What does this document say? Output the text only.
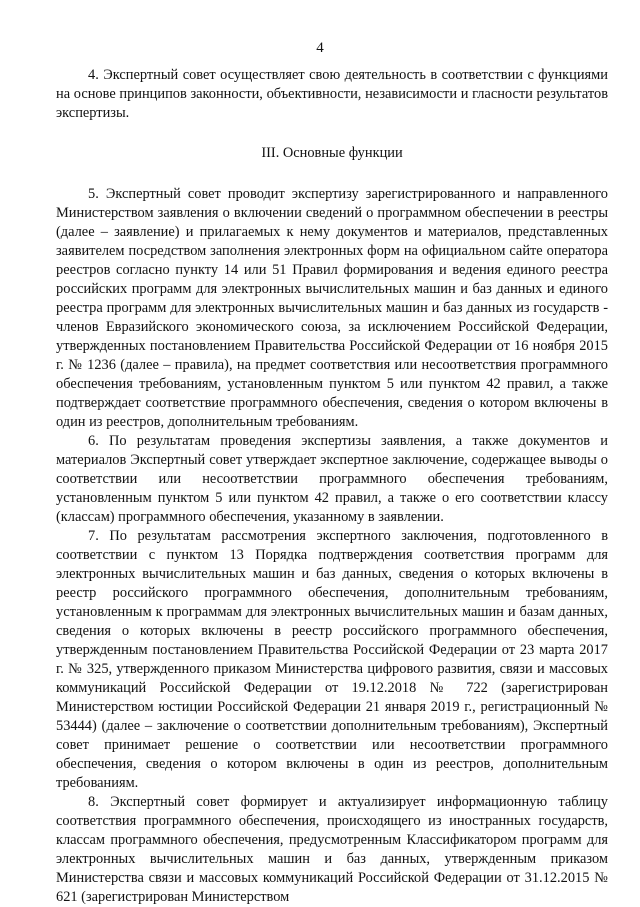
4

4. Экспертный совет осуществляет свою деятельность в соответствии с функциями на основе принципов законности, объективности, независимости и гласности результатов экспертизы.

III. Основные функции

5. Экспертный совет проводит экспертизу зарегистрированного и направленного Министерством заявления о включении сведений о программном обеспечении в реестры (далее – заявление) и прилагаемых к нему документов и материалов, представленных заявителем посредством заполнения электронных форм на официальном сайте оператора реестров согласно пункту 14 или 51 Правил формирования и ведения единого реестра российских программ для электронных вычислительных машин и баз данных и единого реестра программ для электронных вычислительных машин и баз данных из государств - членов Евразийского экономического союза, за исключением Российской Федерации, утвержденных постановлением Правительства Российской Федерации от 16 ноября 2015 г. № 1236 (далее – правила), на предмет соответствия или несоответствия программного обеспечения требованиям, установленным пунктом 5 или пунктом 42 правил, а также подтверждает соответствие программного обеспечения, сведения о котором включены в один из реестров, дополнительным требованиям.

6. По результатам проведения экспертизы заявления, а также документов и материалов Экспертный совет утверждает экспертное заключение, содержащее выводы о соответствии или несоответствии программного обеспечения требованиям, установленным пунктом 5 или пунктом 42 правил, а также о его соответствии классу (классам) программного обеспечения, указанному в заявлении.

7. По результатам рассмотрения экспертного заключения, подготовленного в соответствии с пунктом 13 Порядка подтверждения соответствия программ для электронных вычислительных машин и баз данных, сведения о которых включены в реестр российского программного обеспечения, дополнительным требованиям, установленным к программам для электронных вычислительных машин и базам данных, сведения о которых включены в реестр российского программного обеспечения, утвержденным постановлением Правительства Российской Федерации от 23 марта 2017 г. № 325, утвержденного приказом Министерства цифрового развития, связи и массовых коммуникаций Российской Федерации от 19.12.2018 № 722 (зарегистрирован Министерством юстиции Российской Федерации 21 января 2019 г., регистрационный № 53444) (далее – заключение о соответствии дополнительным требованиям), Экспертный совет принимает решение о соответствии или несоответствии программного обеспечения, сведения о котором включены в один из реестров, дополнительным требованиям.

8. Экспертный совет формирует и актуализирует информационную таблицу соответствия программного обеспечения, происходящего из иностранных государств, классам программного обеспечения, предусмотренным Классификатором программ для электронных вычислительных машин и баз данных, утвержденным приказом Министерства связи и массовых коммуникаций Российской Федерации от 31.12.2015 № 621 (зарегистрирован Министерством
